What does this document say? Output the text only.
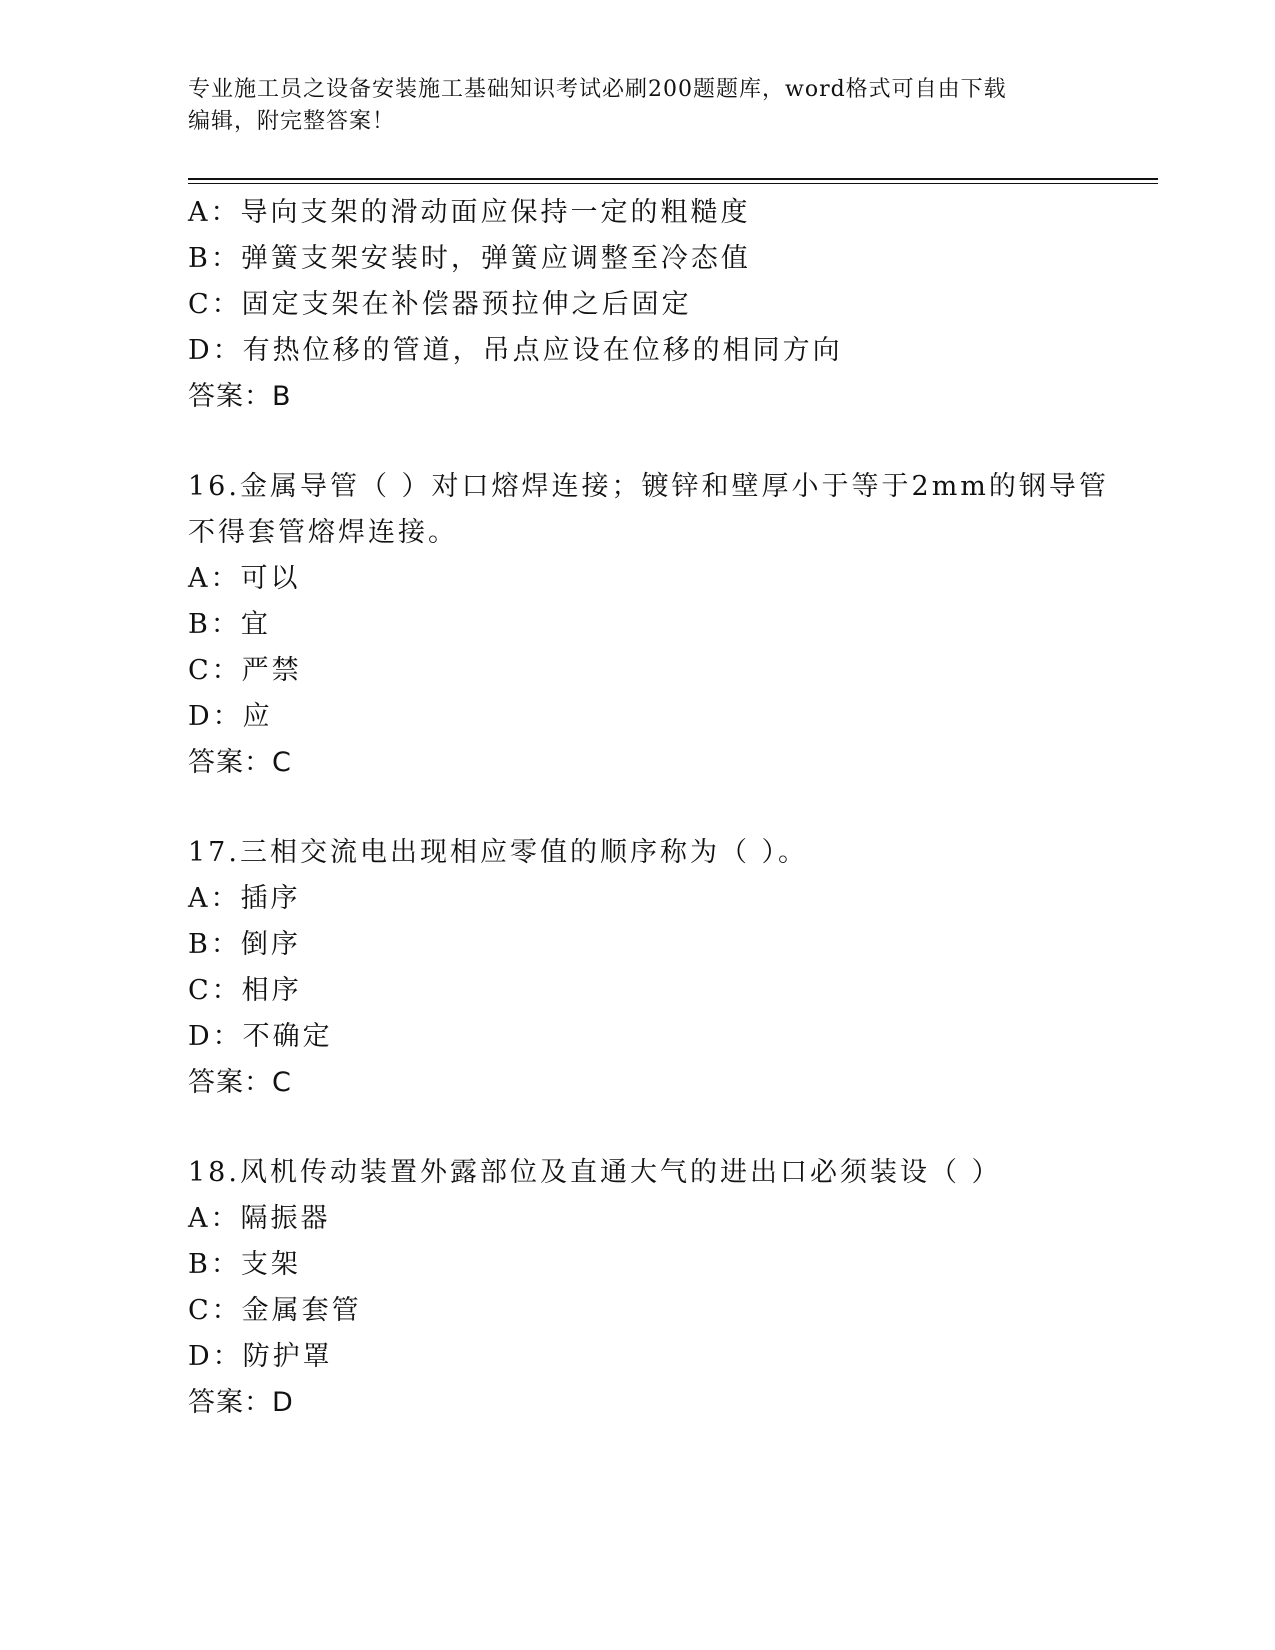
专业施工员之设备安装施工基础知识考试必刷200题题库，word格式可自由下载
编辑，附完整答案！
A：导向支架的滑动面应保持一定的粗糙度
B：弹簧支架安装时，弹簧应调整至冷态值
C：固定支架在补偿器预拉伸之后固定
D：有热位移的管道，吊点应设在位移的相同方向
答案：B
16.金属导管（ ）对口熔焊连接；镀锌和壁厚小于等于2mm的钢导管
不得套管熔焊连接。
A：可以
B：宜
C：严禁
D：应
答案：C
17.三相交流电出现相应零值的顺序称为（ ）。
A：插序
B：倒序
C：相序
D：不确定
答案：C
18.风机传动装置外露部位及直通大气的进出口必须装设（ ）
A：隔振器
B：支架
C：金属套管
D：防护罩
答案：D
